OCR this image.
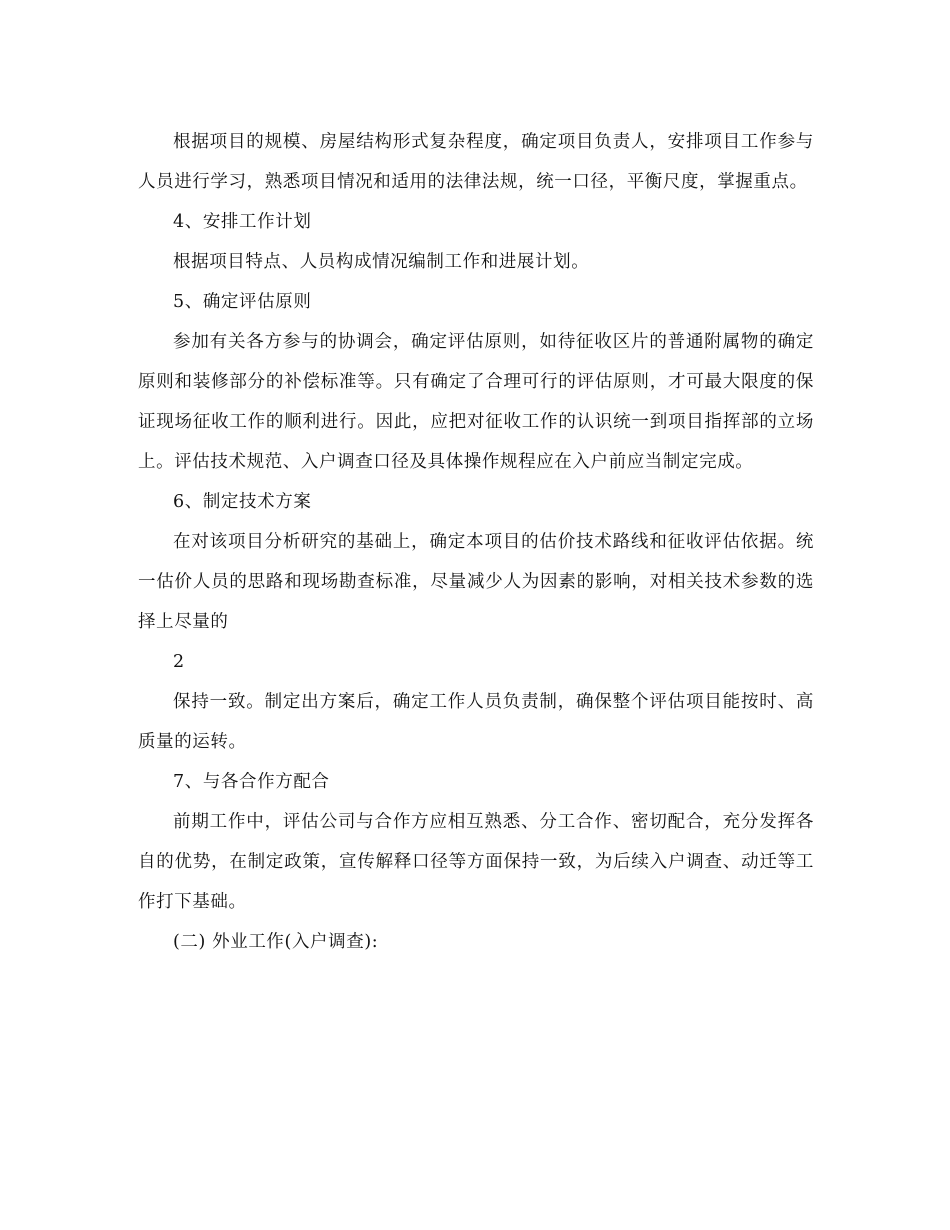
根据项目的规模、房屋结构形式复杂程度，确定项目负责人，安排项目工作参与人员进行学习，熟悉项目情况和适用的法律法规，统一口径，平衡尺度，掌握重点。

4、安排工作计划

根据项目特点、人员构成情况编制工作和进展计划。

5、确定评估原则

参加有关各方参与的协调会，确定评估原则，如待征收区片的普通附属物的确定原则和装修部分的补偿标准等。只有确定了合理可行的评估原则，才可最大限度的保证现场征收工作的顺利进行。因此，应把对征收工作的认识统一到项目指挥部的立场上。评估技术规范、入户调查口径及具体操作规程应在入户前应当制定完成。

6、制定技术方案

在对该项目分析研究的基础上，确定本项目的估价技术路线和征收评估依据。统一估价人员的思路和现场勘查标准，尽量减少人为因素的影响，对相关技术参数的选择上尽量的

2

保持一致。制定出方案后，确定工作人员负责制，确保整个评估项目能按时、高质量的运转。

7、与各合作方配合

前期工作中，评估公司与合作方应相互熟悉、分工合作、密切配合，充分发挥各自的优势，在制定政策，宣传解释口径等方面保持一致，为后续入户调查、动迁等工作打下基础。

(二) 外业工作(入户调查):
